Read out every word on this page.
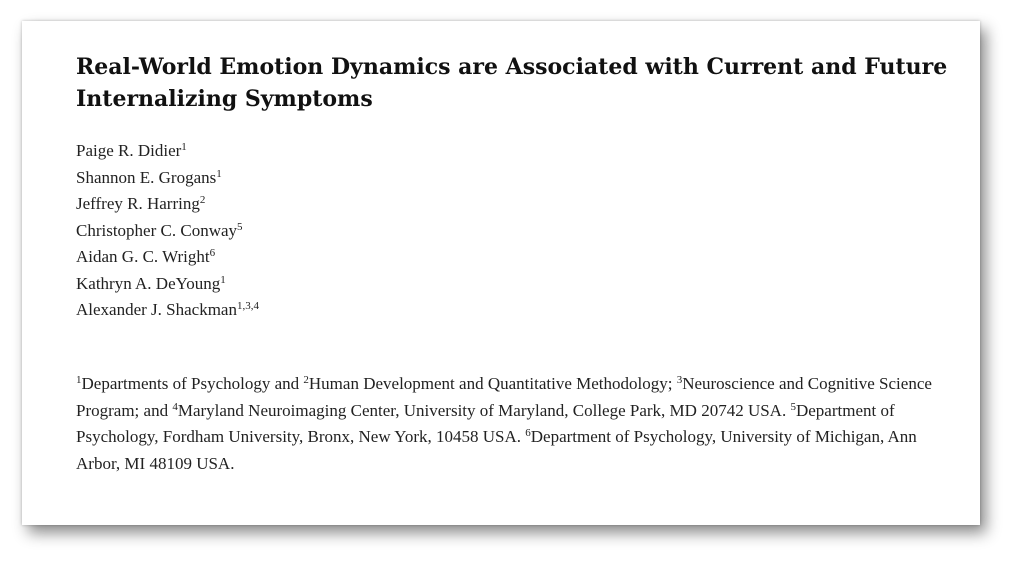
Real-World Emotion Dynamics are Associated with Current and Future Internalizing Symptoms
Paige R. Didier$^1$
Shannon E. Grogans$^1$
Jeffrey R. Harring$^2$
Christopher C. Conway$^5$
Aidan G. C. Wright$^6$
Kathryn A. DeYoung$^1$
Alexander J. Shackman$^{1,3,4}$

$^1$Departments of Psychology and $^2$Human Development and Quantitative Methodology; $^3$Neuroscience and Cognitive Science Program; and $^4$Maryland Neuroimaging Center, University of Maryland, College Park, MD 20742 USA. $^5$Department of Psychology, Fordham University, Bronx, New York, 10458 USA. $^6$Department of Psychology, University of Michigan, Ann Arbor, MI 48109 USA.
